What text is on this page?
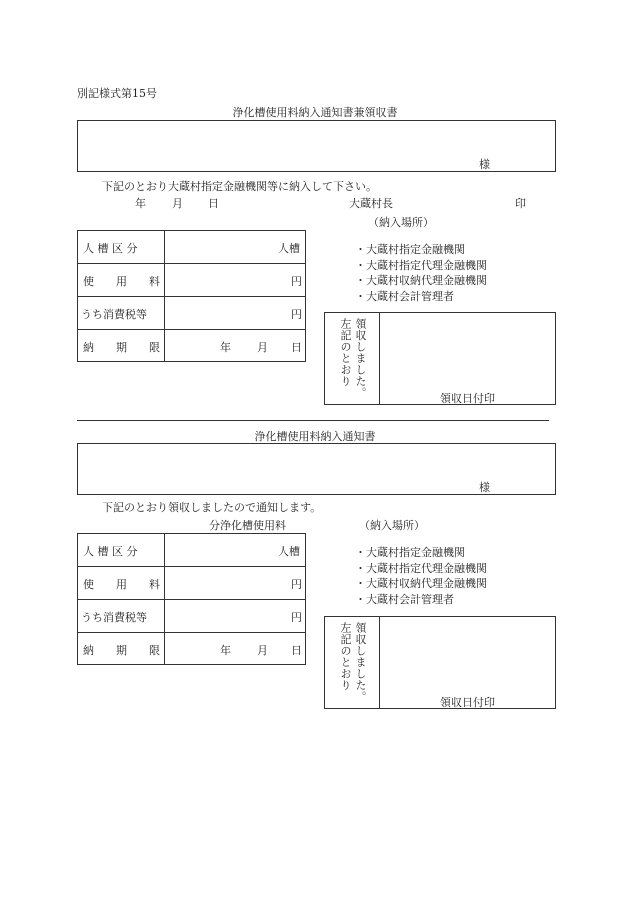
別記様式第15号
浄化槽使用料納入通知書兼領収書
様
下記のとおり大蔵村指定金融機関等に納入して下さい。
年 月 日	大蔵村長	印
（納入場所）
人 槽 区 分	人槽
使　　用　　料	円
うち消費税等	円
納　　期　　限	年 月 日
・大蔵村指定金融機関
・大蔵村指定代理金融機関
・大蔵村収納代理金融機関
・大蔵村会計管理者
領収しました。
左記のとおり
領収日付印
浄化槽使用料納入通知書
様
下記のとおり領収しましたので通知します。
分浄化槽使用料	（納入場所）
人 槽 区 分	人槽
使　　用　　料	円
うち消費税等	円
納　　期　　限	年 月 日
・大蔵村指定金融機関
・大蔵村指定代理金融機関
・大蔵村収納代理金融機関
・大蔵村会計管理者
領収しました。
左記のとおり
領収日付印
